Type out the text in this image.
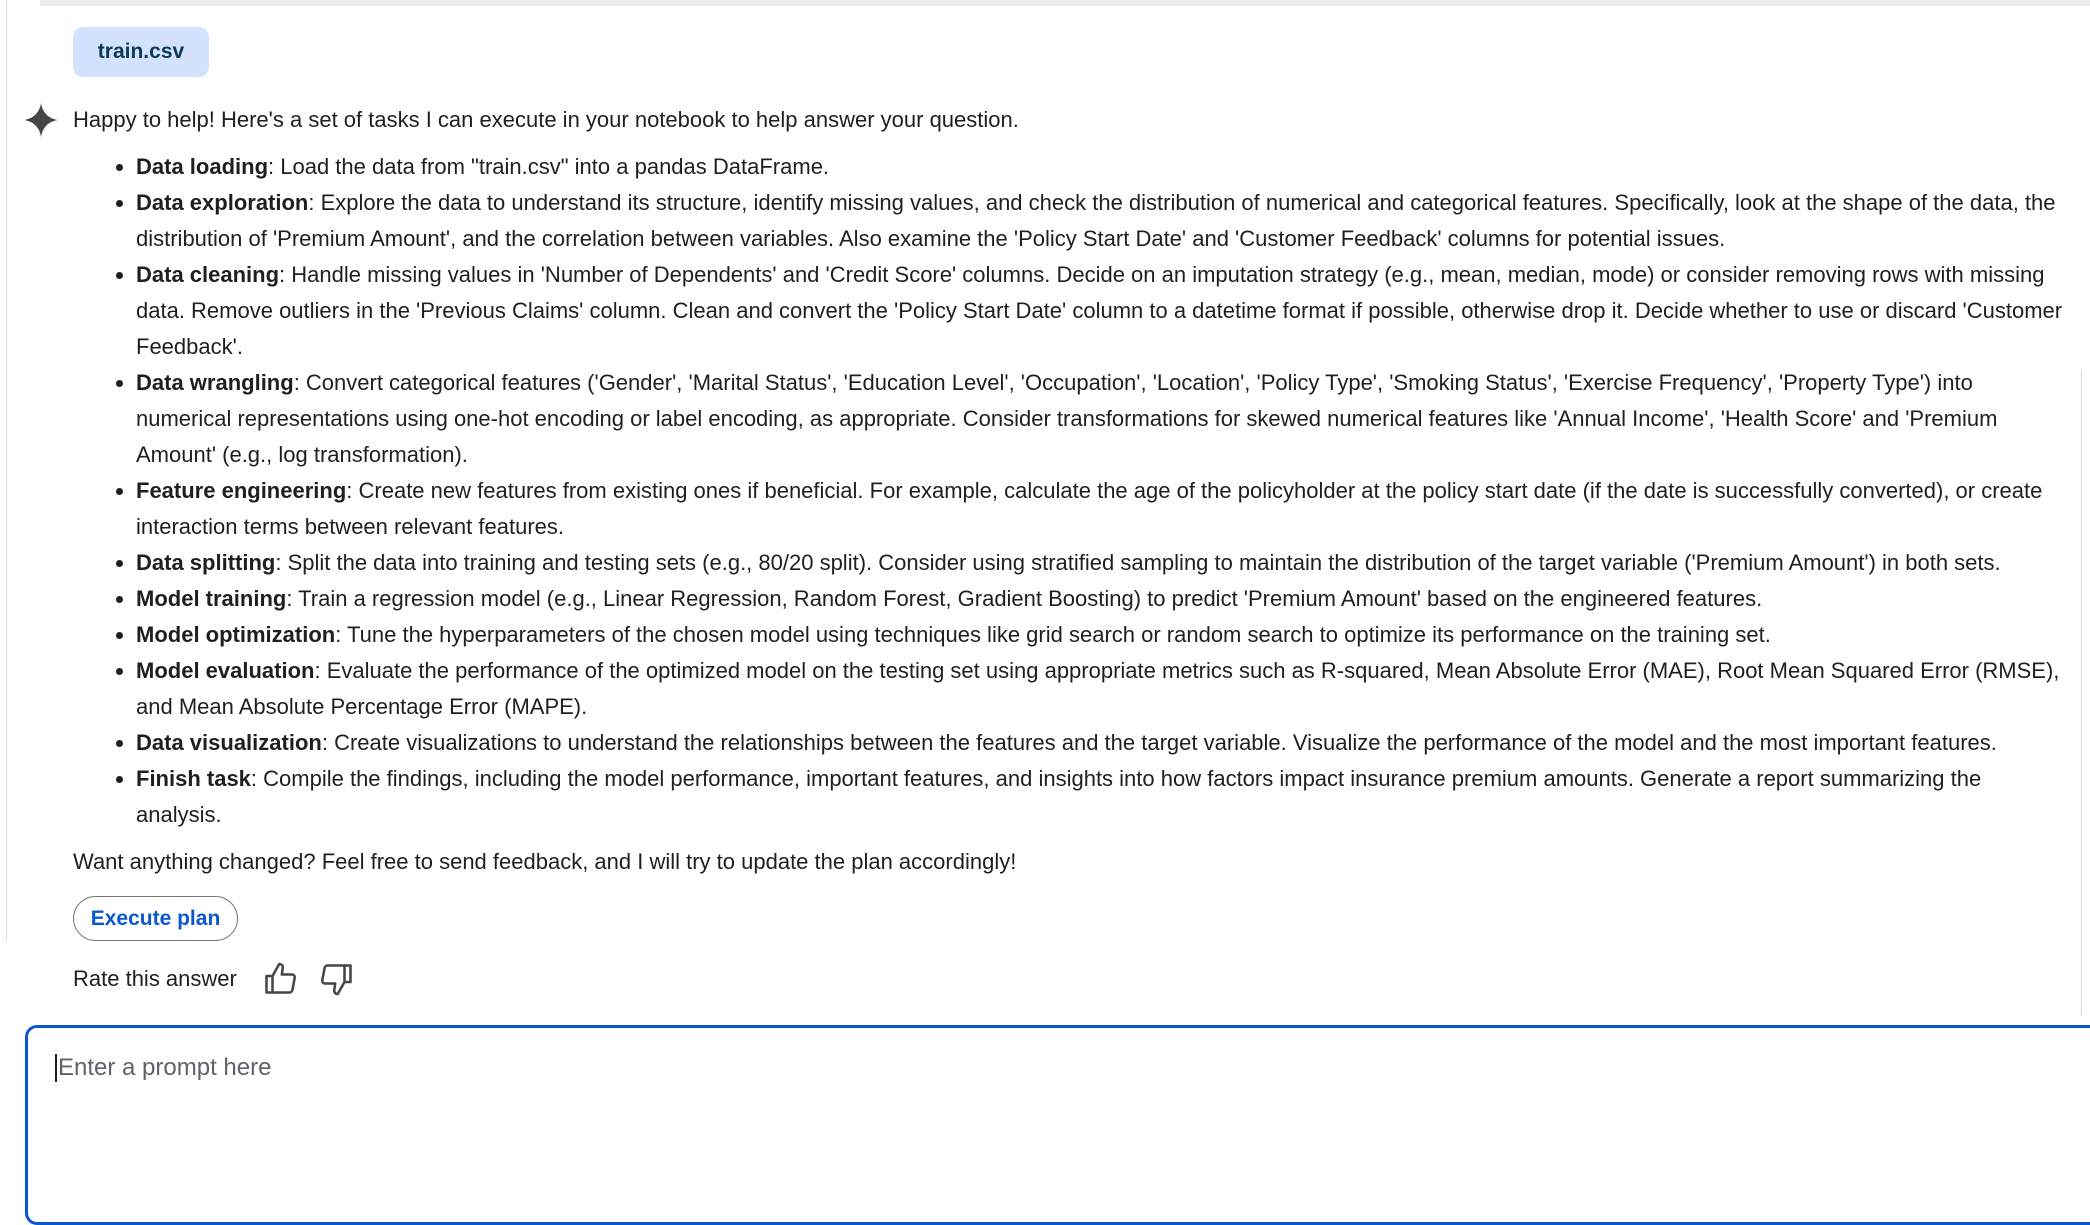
train.csv
Happy to help! Here's a set of tasks I can execute in your notebook to help answer your question.
• Data loading: Load the data from "train.csv" into a pandas DataFrame.
• Data exploration: Explore the data to understand its structure, identify missing values, and check the distribution of numerical and categorical features. Specifically, look at the shape of the data, the distribution of 'Premium Amount', and the correlation between variables. Also examine the 'Policy Start Date' and 'Customer Feedback' columns for potential issues.
• Data cleaning: Handle missing values in 'Number of Dependents' and 'Credit Score' columns. Decide on an imputation strategy (e.g., mean, median, mode) or consider removing rows with missing data. Remove outliers in the 'Previous Claims' column. Clean and convert the 'Policy Start Date' column to a datetime format if possible, otherwise drop it. Decide whether to use or discard 'Customer Feedback'.
• Data wrangling: Convert categorical features ('Gender', 'Marital Status', 'Education Level', 'Occupation', 'Location', 'Policy Type', 'Smoking Status', 'Exercise Frequency', 'Property Type') into numerical representations using one-hot encoding or label encoding, as appropriate. Consider transformations for skewed numerical features like 'Annual Income', 'Health Score' and 'Premium Amount' (e.g., log transformation).
• Feature engineering: Create new features from existing ones if beneficial. For example, calculate the age of the policyholder at the policy start date (if the date is successfully converted), or create interaction terms between relevant features.
• Data splitting: Split the data into training and testing sets (e.g., 80/20 split). Consider using stratified sampling to maintain the distribution of the target variable ('Premium Amount') in both sets.
• Model training: Train a regression model (e.g., Linear Regression, Random Forest, Gradient Boosting) to predict 'Premium Amount' based on the engineered features.
• Model optimization: Tune the hyperparameters of the chosen model using techniques like grid search or random search to optimize its performance on the training set.
• Model evaluation: Evaluate the performance of the optimized model on the testing set using appropriate metrics such as R-squared, Mean Absolute Error (MAE), Root Mean Squared Error (RMSE), and Mean Absolute Percentage Error (MAPE).
• Data visualization: Create visualizations to understand the relationships between the features and the target variable. Visualize the performance of the model and the most important features.
• Finish task: Compile the findings, including the model performance, important features, and insights into how factors impact insurance premium amounts. Generate a report summarizing the analysis.
Want anything changed? Feel free to send feedback, and I will try to update the plan accordingly!
Execute plan
Rate this answer
Enter a prompt here
